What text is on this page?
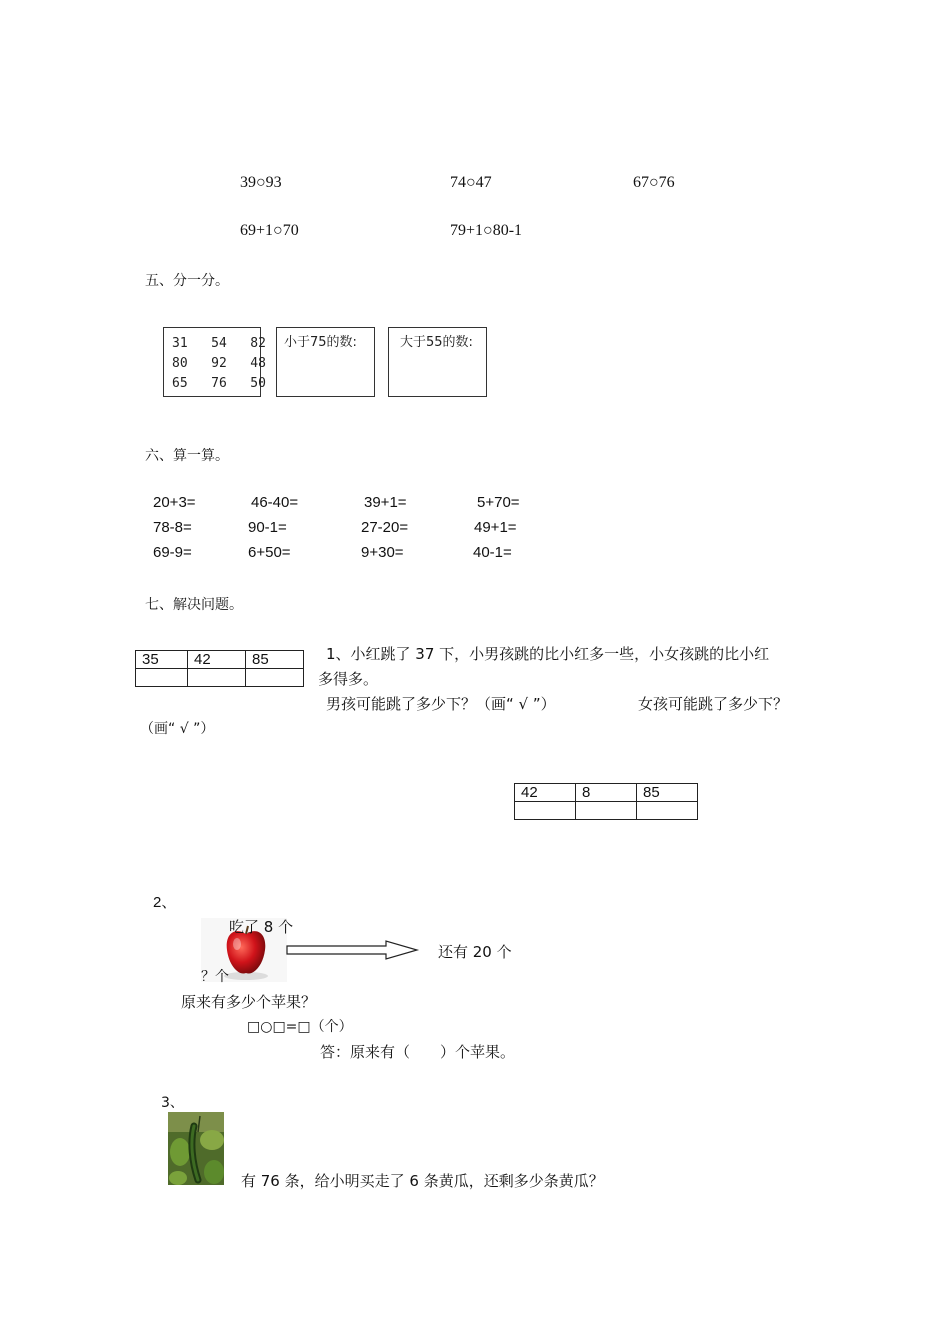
39○93	74○47	67○76
69+1○70	79+1○80-1
五、分一分。
31 54 82
80 92 48
65 76 50
小于75的数:	大于55的数:
六、算一算。
20+3=	46-40=	39+1=	5+70=
78-8=	90-1=	27-20=	49+1=
69-9=	6+50=	9+30=	40-1=
七、解决问题。
35	42	85
			1、小红跳了 37 下，小男孩跳的比小红多一些，小女孩跳的比小红
多得多。
男孩可能跳了多少下？（画“ √ ”）	女孩可能跳了多少下？
（画“ √ ”）
42	8	85

2、
吃了 8 个
还有 20 个
？个
原来有多少个苹果？
□○□=□（个）
答：原来有（　　）个苹果。
3、
有 76 条，给小明买走了 6 条黄瓜，还剩多少条黄瓜？
